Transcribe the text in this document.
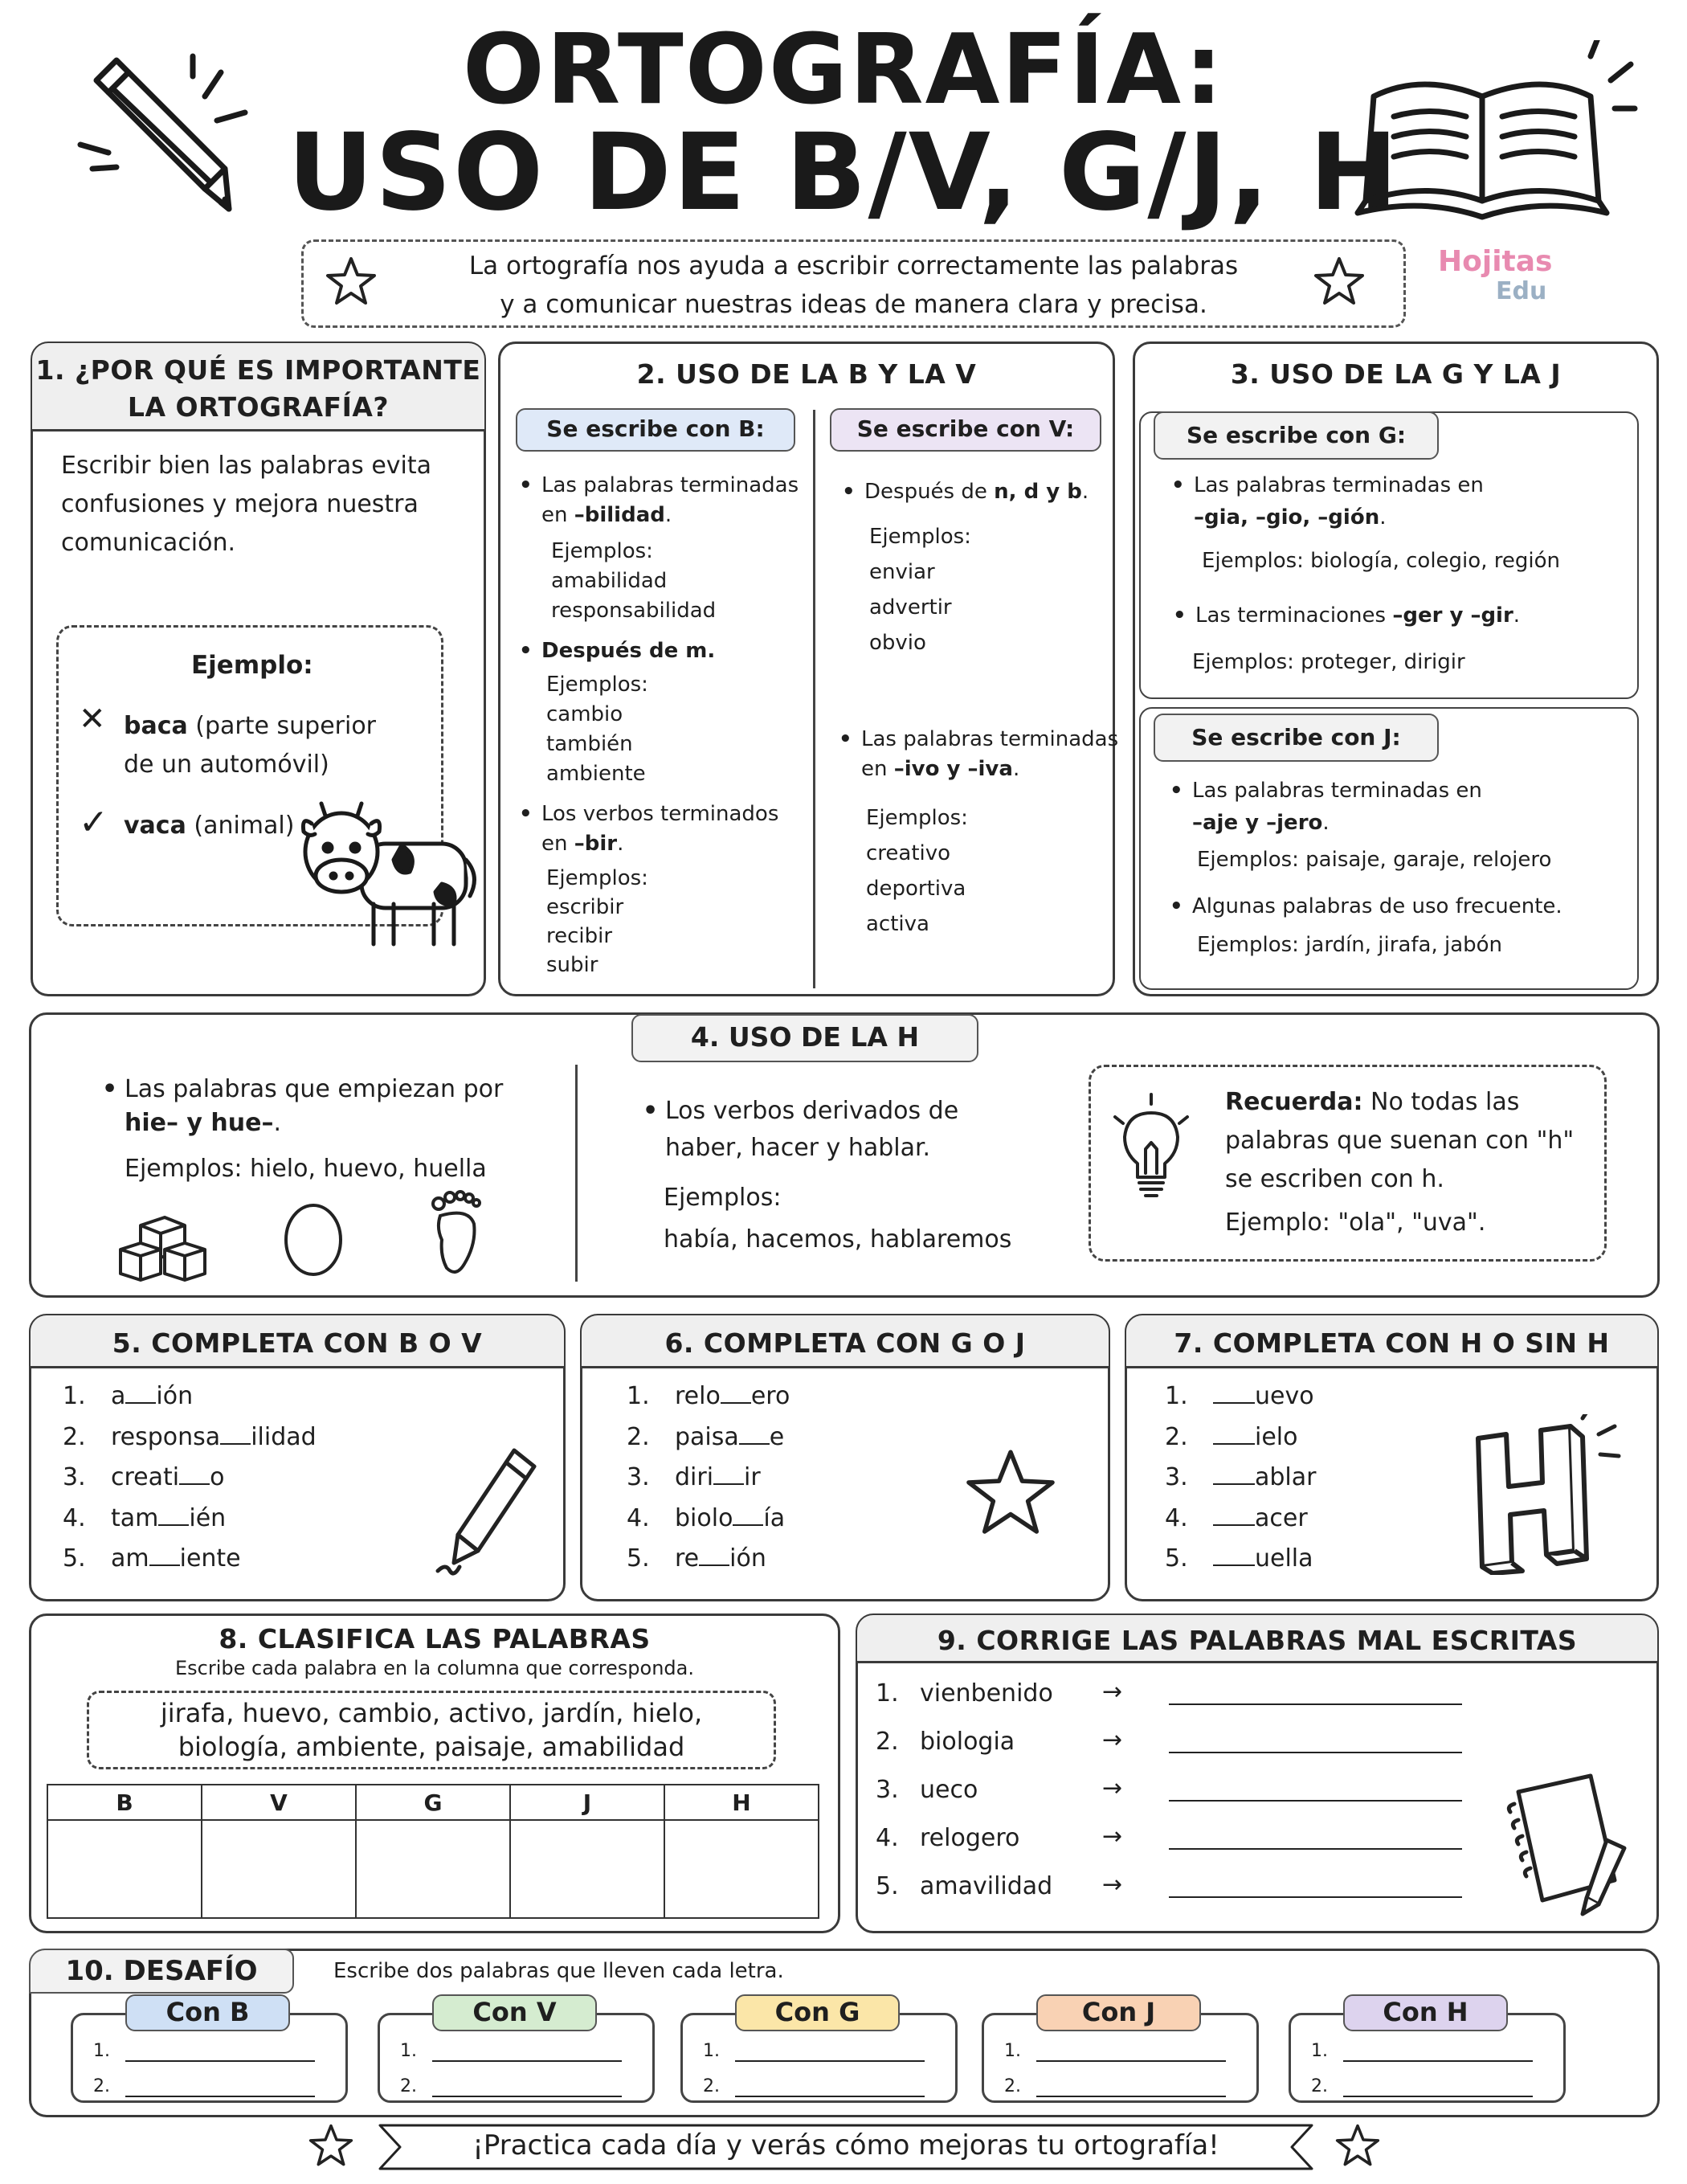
ORTOGRAFÍA:
USO DE B/V, G/J, H
La ortografía nos ayuda a escribir correctamente las palabras
y a comunicar nuestras ideas de manera clara y precisa.
Hojitas
Edu
1. ¿POR QUÉ ES IMPORTANTE
LA ORTOGRAFÍA?
Escribir bien las palabras evita
confusiones y mejora nuestra
comunicación.
Ejemplo:
✕ baca (parte superior
de un automóvil)
✓ vaca (animal)
2. USO DE LA B Y LA V
Se escribe con B:	Se escribe con V:
• Las palabras terminadas
en –bilidad.
Ejemplos:
amabilidad
responsabilidad
• Después de m.
Ejemplos:
cambio
también
ambiente
• Los verbos terminados
en –bir.
Ejemplos:
escribir
recibir
subir
• Después de n, d y b.
Ejemplos:
enviar
advertir
obvio
• Las palabras terminadas
en –ivo y –iva.
Ejemplos:
creativo
deportiva
activa
3. USO DE LA G Y LA J
Se escribe con G:
• Las palabras terminadas en
–gia, –gio, –gión.
Ejemplos: biología, colegio, región
• Las terminaciones –ger y –gir.
Ejemplos: proteger, dirigir
Se escribe con J:
• Las palabras terminadas en
–aje y –jero.
Ejemplos: paisaje, garaje, relojero
• Algunas palabras de uso frecuente.
Ejemplos: jardín, jirafa, jabón
4. USO DE LA H
• Las palabras que empiezan por
hie– y hue–.
Ejemplos: hielo, huevo, huella
• Los verbos derivados de
haber, hacer y hablar.
Ejemplos:
había, hacemos, hablaremos
Recuerda: No todas las
palabras que suenan con "h"
se escriben con h.
Ejemplo: "ola", "uva".
5. COMPLETA CON B O V
1. a ión
2. responsa ilidad
3. creati o
4. tam ién
5. am iente
6. COMPLETA CON G O J
1. relo ero
2. paisa e
3. diri ir
4. biolo ía
5. re ión
7. COMPLETA CON H O SIN H
1.	uevo
2.	ielo
3.	ablar
4.	acer
5.	uella
8. CLASIFICA LAS PALABRAS
Escribe cada palabra en la columna que corresponda.
jirafa, huevo, cambio, activo, jardín, hielo,
biología, ambiente, paisaje, amabilidad
B	V	G	J	H

9. CORRIGE LAS PALABRAS MAL ESCRITAS
1. vienbenido →
2. biologia	→
3. ueco	→
4. relogero	→
5. amavilidad →
10. DESAFÍO	Escribe dos palabras que lleven cada letra.
Con B
1.
2.
Con V
1.
2.
Con G
1.
2.
Con J
1.
2.
Con H
1.
2.
¡Practica cada día y verás cómo mejoras tu ortografía!
